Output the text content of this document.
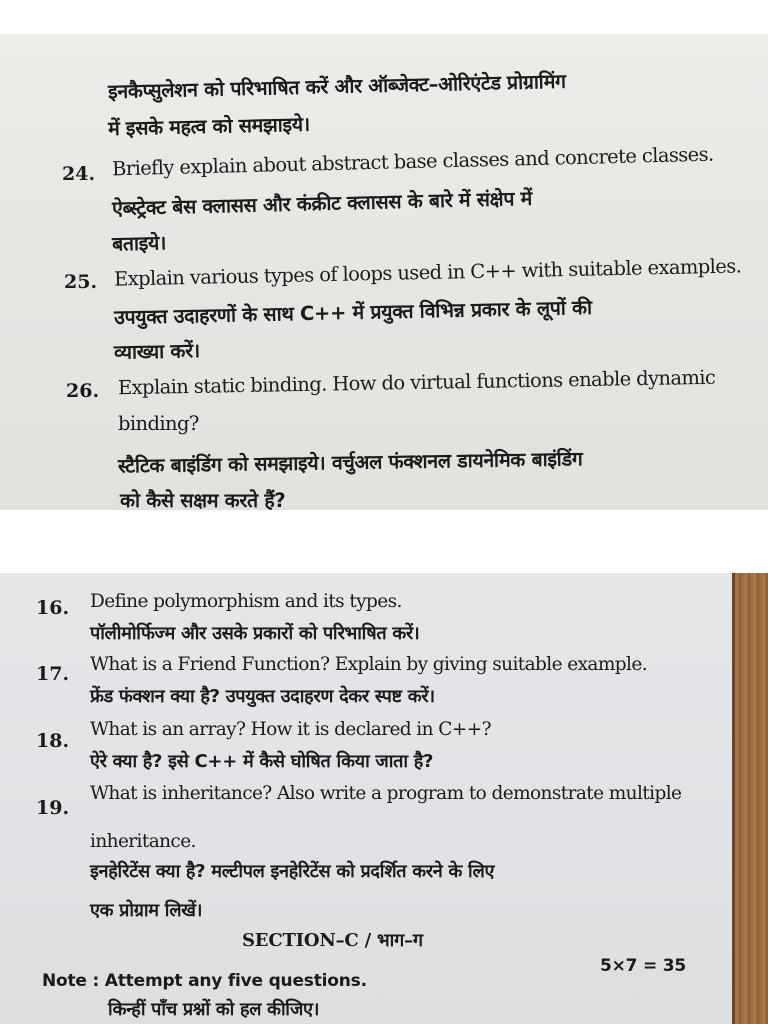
इनकैप्सुलेशन को परिभाषित करें और ऑब्जेक्ट–ओरिएंटेड प्रोग्रामिंग
में इसके महत्व को समझाइये।
24. Briefly explain about abstract base classes and concrete classes.
ऐब्स्ट्रेक्ट बेस क्लासस और कंक्रीट क्लासस के बारे में संक्षेप में
बताइये।
25. Explain various types of loops used in C++ with suitable examples.
उपयुक्त उदाहरणों के साथ C++ में प्रयुक्त विभिन्न प्रकार के लूपों की
व्याख्या करें।
26. Explain static binding. How do virtual functions enable dynamic
binding?
स्टैटिक बाइंडिंग को समझाइये। वर्चुअल फंक्शनल डायनेमिक बाइंडिंग
को कैसे सक्षम करते हैं?
16. Define polymorphism and its types.
पॉलीमोर्फिज्म और उसके प्रकारों को परिभाषित करें।
17. What is a Friend Function? Explain by giving suitable example.
फ्रेंड फंक्शन क्या है? उपयुक्त उदाहरण देकर स्पष्ट करें।
18.
What is an array? How it is declared in C++?
ऐरे क्या है? इसे C++ में कैसे घोषित किया जाता है?
19.
What is inheritance? Also write a program to demonstrate multiple
inheritance.
इनहेरिटेंस क्या है? मल्टीपल इनहेरिटेंस को प्रदर्शित करने के लिए
एक प्रोग्राम लिखें।
SECTION–C / भाग–ग
Note : Attempt any five questions.
5×7 = 35
किन्हीं पाँच प्रश्नों को हल कीजिए।
